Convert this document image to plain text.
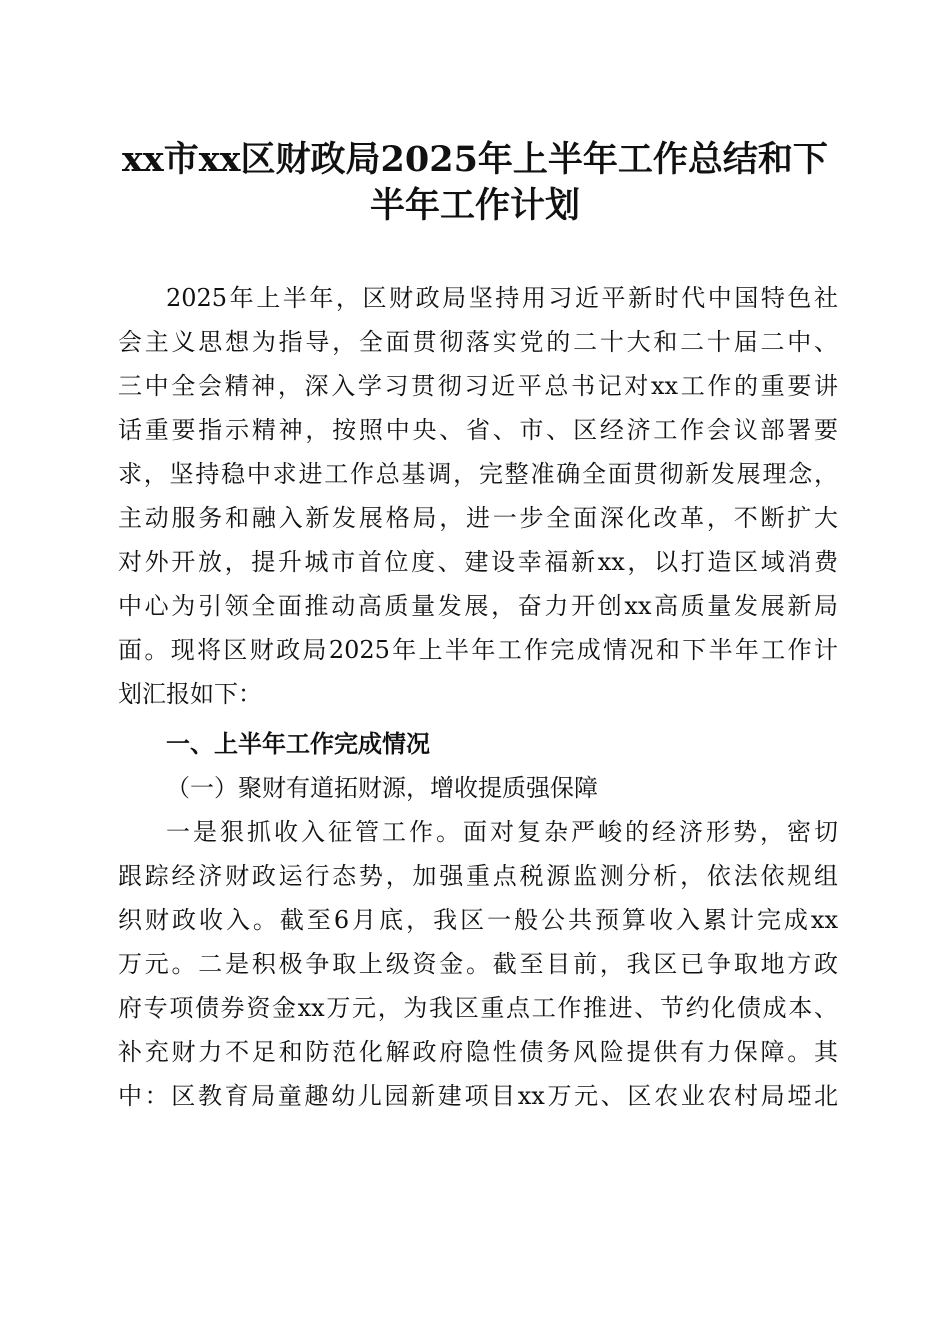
xx市xx区财政局2025年上半年工作总结和下
半年工作计划
2025年上半年，区财政局坚持用习近平新时代中国特色社
会主义思想为指导，全面贯彻落实党的二十大和二十届二中、
三中全会精神，深入学习贯彻习近平总书记对xx工作的重要讲
话重要指示精神，按照中央、省、市、区经济工作会议部署要
求，坚持稳中求进工作总基调，完整准确全面贯彻新发展理念，
主动服务和融入新发展格局，进一步全面深化改革，不断扩大
对外开放，提升城市首位度、建设幸福新xx，以打造区域消费
中心为引领全面推动高质量发展，奋力开创xx高质量发展新局
面。现将区财政局2025年上半年工作完成情况和下半年工作计
划汇报如下：
一、上半年工作完成情况
（一）聚财有道拓财源，增收提质强保障
一是狠抓收入征管工作。面对复杂严峻的经济形势，密切
跟踪经济财政运行态势，加强重点税源监测分析，依法依规组
织财政收入。截至6月底，我区一般公共预算收入累计完成xx
万元。二是积极争取上级资金。截至目前，我区已争取地方政
府专项债券资金xx万元，为我区重点工作推进、节约化债成本、
补充财力不足和防范化解政府隐性债务风险提供有力保障。其
中：区教育局童趣幼儿园新建项目xx万元、区农业农村局埡北
